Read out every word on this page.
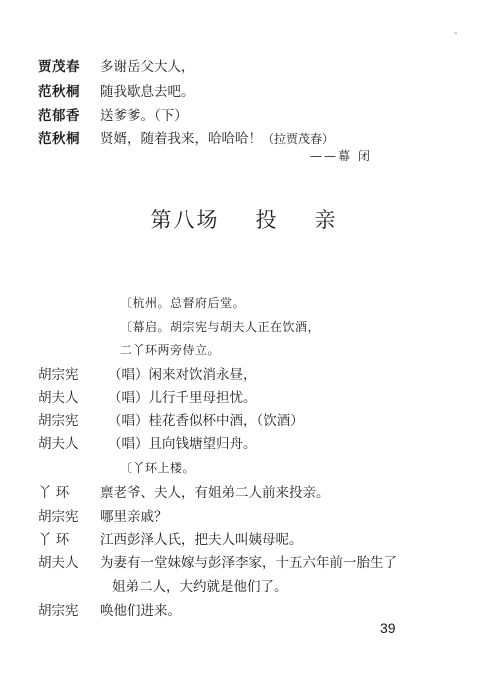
-
贾茂春 多谢岳父大人，
范秋桐 随我歇息去吧。
范郁香 送爹爹。（下）
范秋桐 贤婿，随着我来，哈哈哈！（拉贾茂春）
——幕 闭
第八场 投 亲
〔杭州。总督府后堂。
〔幕启。胡宗宪与胡夫人正在饮酒，
二丫环两旁侍立。
胡宗宪 （唱）闲来对饮消永昼，
胡夫人 （唱）儿行千里母担忧。
胡宗宪 （唱）桂花香似杯中酒，（饮酒）
胡夫人 （唱）且向钱塘望归舟。
〔丫环上楼。
丫 环 禀老爷、夫人，有姐弟二人前来投亲。
胡宗宪 哪里亲戚？
丫 环 江西彭泽人氏，把夫人叫姨母呢。
胡夫人 为妻有一堂妹嫁与彭泽李家，十五六年前一胎生了
姐弟二人，大约就是他们了。
胡宗宪 唤他们进来。
39
